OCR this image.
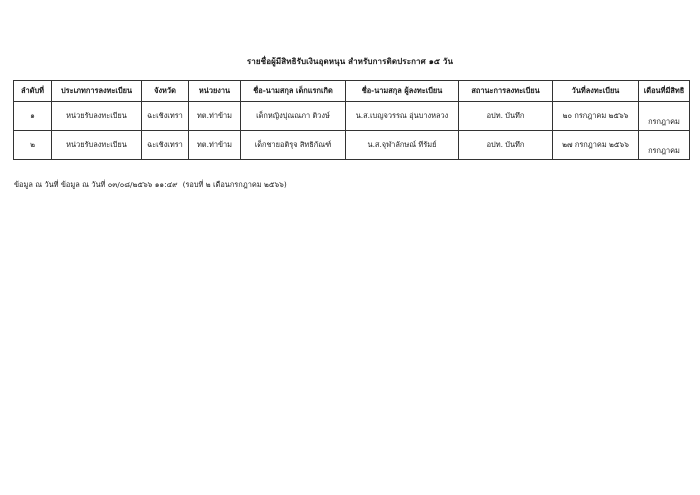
รายชื่อผู้มีสิทธิรับเงินอุดหนุน สำหรับการติดประกาศ ๑๕ วัน
ลำดับที่	ประเภทการลงทะเบียน	จังหวัด	หน่วยงาน	ชื่อ-นามสกุล เด็กแรกเกิด	ชื่อ-นามสกุล ผู้ลงทะเบียน	สถานะการลงทะเบียน	วันที่ลงทะเบียน	เดือนที่มีสิทธิ
๑	หน่วยรับลงทะเบียน	ฉะเชิงเทรา	ทต.ท่าข้าม	เด็กหญิงปุณณภา ติวงษ์	น.ส.เบญจวรรณ อุ่นบางหลวง	อปท. บันทึก	๒๐ กรกฎาคม ๒๕๖๖	กรกฎาคม
๒	หน่วยรับลงทะเบียน	ฉะเชิงเทรา	ทต.ท่าข้าม	เด็กชายอติรุจ สิทธิกัณฑ์	น.ส.จุฬาลักษณ์ ทีรัมย์	อปท. บันทึก	๒๗ กรกฎาคม ๒๕๖๖	กรกฎาคม
ข้อมูล ณ วันที่ ข้อมูล ณ วันที่ ๐๓/๐๘/๒๕๖๖ ๑๑:๔๙ (รอบที่ ๒ เดือนกรกฎาคม ๒๕๖๖)
